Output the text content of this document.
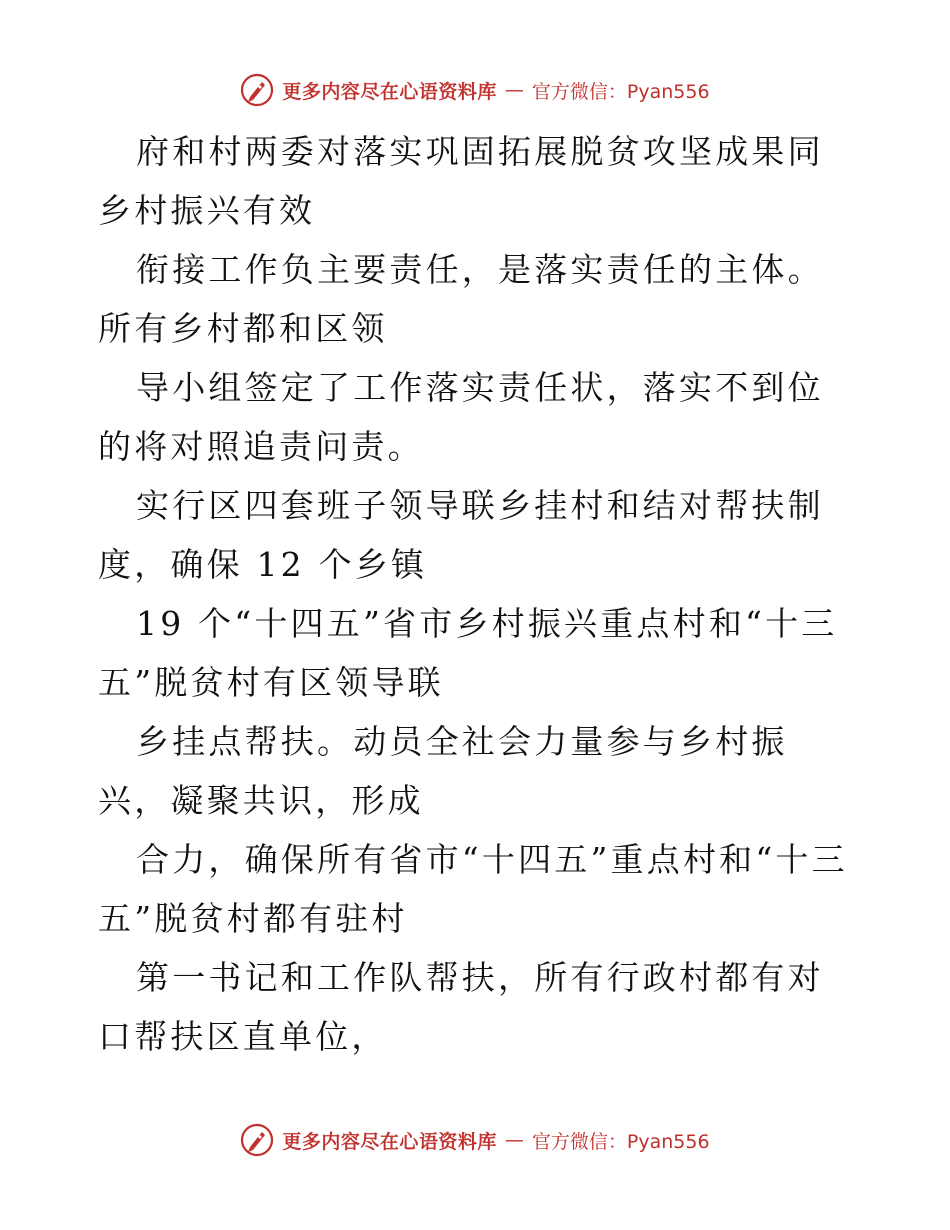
更多内容尽在心语资料库 — 官方微信：Pyan556

府和村两委对落实巩固拓展脱贫攻坚成果同乡村振兴有效

衔接工作负主要责任，是落实责任的主体。所有乡村都和区领

导小组签定了工作落实责任状，落实不到位的将对照追责问责。

实行区四套班子领导联乡挂村和结对帮扶制度，确保 12 个乡镇

19 个“十四五”省市乡村振兴重点村和“十三五”脱贫村有区领导联

乡挂点帮扶。动员全社会力量参与乡村振兴，凝聚共识，形成

合力，确保所有省市“十四五”重点村和“十三五”脱贫村都有驻村

第一书记和工作队帮扶，所有行政村都有对口帮扶区直单位，

更多内容尽在心语资料库 — 官方微信：Pyan556
